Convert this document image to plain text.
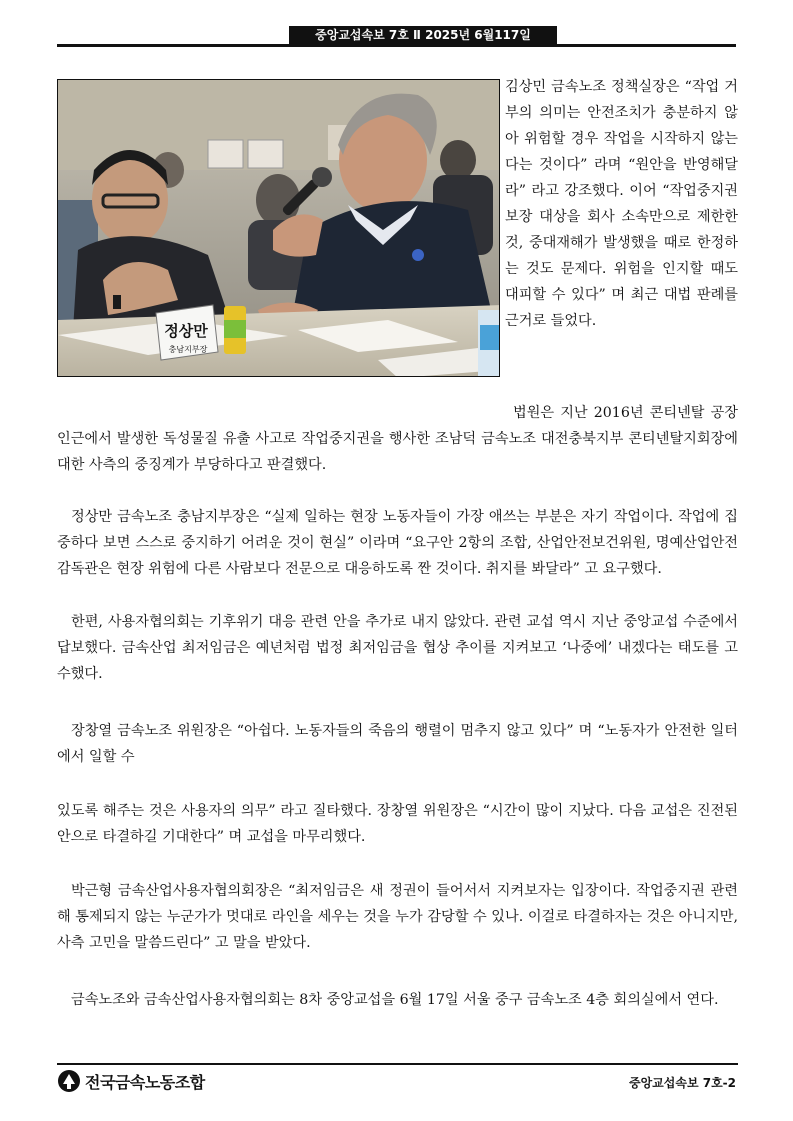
중앙교섭속보 7호 Ⅱ 2025년 6월117일
정상만
충남지부장
김상민 금속노조 정책실장은 “작업 거부의 의미는 안전조치가 충분하지 않아 위험할 경우 작업을 시작하지 않는다는 것이다” 라며 “원안을 반영해달라” 라고 강조했다. 이어 “작업중지권 보장 대상을 회사 소속만으로 제한한 것, 중대재해가 발생했을 때로 한정하는 것도 문제다. 위험을 인지할 때도 대피할 수 있다” 며 최근 대법 판례를 근거로 들었다.
법원은 지난 2016년 콘티넨탈 공장 인근에서 발생한 독성물질 유출 사고로 작업중지권을 행사한 조남덕 금속노조 대전충북지부 콘티넨탈지회장에 대한 사측의 중징계가 부당하다고 판결했다.
정상만 금속노조 충남지부장은 “실제 일하는 현장 노동자들이 가장 애쓰는 부분은 자기 작업이다. 작업에 집중하다 보면 스스로 중지하기 어려운 것이 현실” 이라며 “요구안 2항의 조합, 산업안전보건위원, 명예산업안전감독관은 현장 위험에 다른 사람보다 전문으로 대응하도록 짠 것이다. 취지를 봐달라” 고 요구했다.
한편, 사용자협의회는 기후위기 대응 관련 안을 추가로 내지 않았다. 관련 교섭 역시 지난 중앙교섭 수준에서 답보했다. 금속산업 최저임금은 예년처럼 법정 최저임금을 협상 추이를 지켜보고 ‘나중에’ 내겠다는 태도를 고수했다.
장창열 금속노조 위원장은 “아쉽다. 노동자들의 죽음의 행렬이 멈추지 않고 있다” 며 “노동자가 안전한 일터에서 일할 수
있도록 해주는 것은 사용자의 의무” 라고 질타했다. 장창열 위원장은 “시간이 많이 지났다. 다음 교섭은 진전된 안으로 타결하길 기대한다” 며 교섭을 마무리했다.
박근형 금속산업사용자협의회장은 “최저임금은 새 정권이 들어서서 지켜보자는 입장이다. 작업중지권 관련해 통제되지 않는 누군가가 멋대로 라인을 세우는 것을 누가 감당할 수 있나. 이걸로 타결하자는 것은 아니지만, 사측 고민을 말씀드린다” 고 말을 받았다.
금속노조와 금속산업사용자협의회는 8차 중앙교섭을 6월 17일 서울 중구 금속노조 4층 회의실에서 연다.
전국금속노동조합	중앙교섭속보 7호-2
